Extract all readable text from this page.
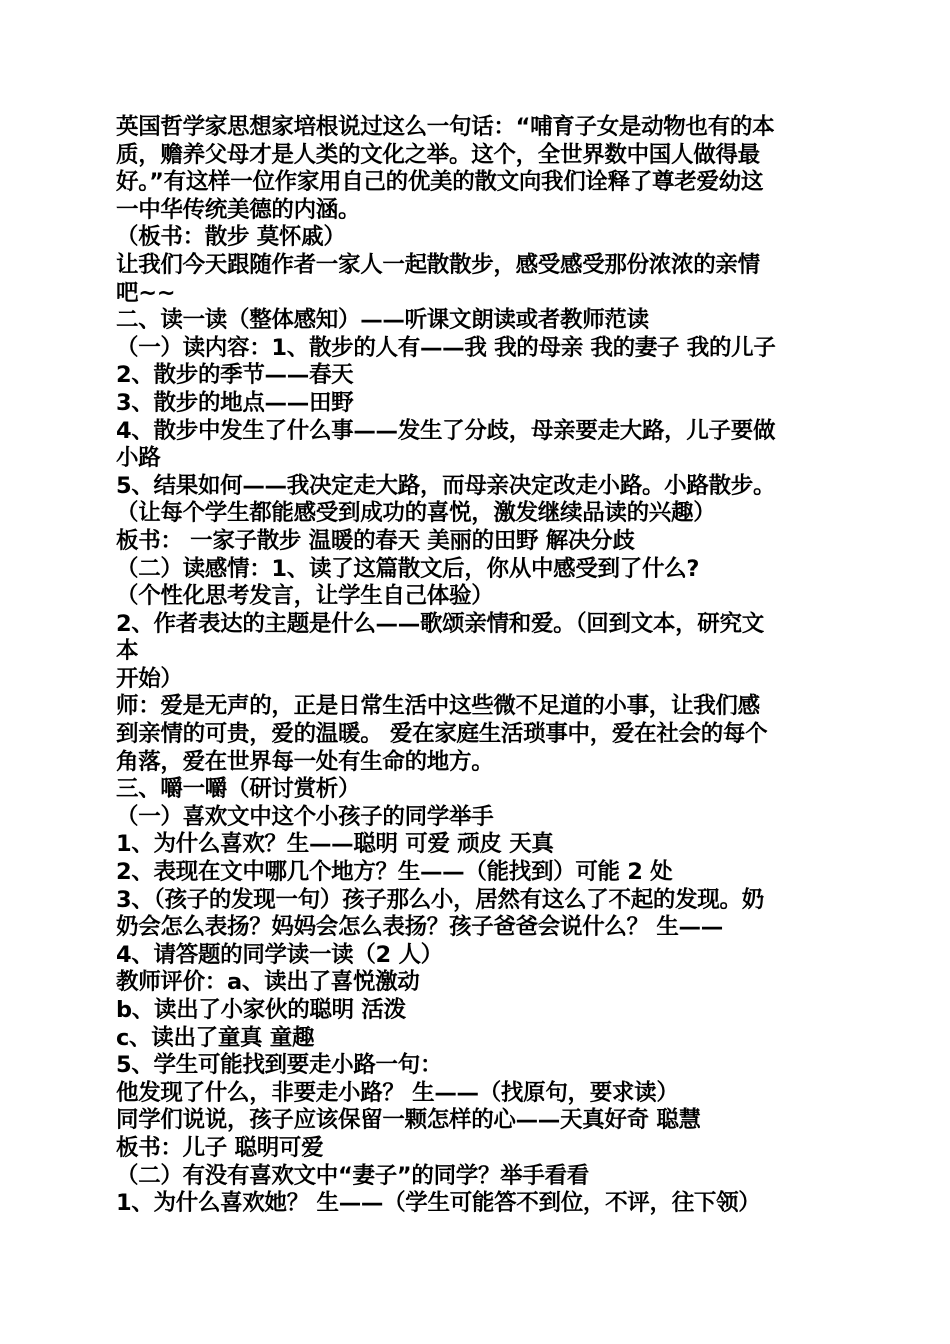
英国哲学家思想家培根说过这么一句话：“哺育子女是动物也有的本
质，赡养父母才是人类的文化之举。这个，全世界数中国人做得最
好。”有这样一位作家用自己的优美的散文向我们诠释了尊老爱幼这
一中华传统美德的内涵。
（板书：散步 莫怀戚）
让我们今天跟随作者一家人一起散散步，感受感受那份浓浓的亲情
吧~~
二、读一读（整体感知）——听课文朗读或者教师范读
（一）读内容：1、散步的人有——我 我的母亲 我的妻子 我的儿子
2、散步的季节——春天
3、散步的地点——田野
4、散步中发生了什么事——发生了分歧，母亲要走大路，儿子要做
小路
5、结果如何——我决定走大路，而母亲决定改走小路。小路散步。
（让每个学生都能感受到成功的喜悦，激发继续品读的兴趣）
板书： 一家子散步 温暖的春天 美丽的田野 解决分歧
（二）读感情：1、读了这篇散文后，你从中感受到了什么?
（个性化思考发言，让学生自己体验）
2、作者表达的主题是什么——歌颂亲情和爱。（回到文本，研究文
本
开始）
师：爱是无声的，正是日常生活中这些微不足道的小事，让我们感
到亲情的可贵，爱的温暖。 爱在家庭生活琐事中，爱在社会的每个
角落，爱在世界每一处有生命的地方。
三、嚼一嚼（研讨赏析）
（一）喜欢文中这个小孩子的同学举手
1、为什么喜欢？生——聪明 可爱 顽皮 天真
2、表现在文中哪几个地方？生——（能找到）可能 2 处
3、（孩子的发现一句）孩子那么小，居然有这么了不起的发现。奶
奶会怎么表扬？妈妈会怎么表扬？孩子爸爸会说什么？ 生——
4、请答题的同学读一读（2 人）
教师评价：a、读出了喜悦激动
b、读出了小家伙的聪明 活泼
c、读出了童真 童趣
5、学生可能找到要走小路一句：
他发现了什么，非要走小路？ 生——（找原句，要求读）
同学们说说，孩子应该保留一颗怎样的心——天真好奇 聪慧
板书：儿子 聪明可爱
（二）有没有喜欢文中“妻子”的同学？举手看看
1、为什么喜欢她？ 生——（学生可能答不到位，不评，往下领）
